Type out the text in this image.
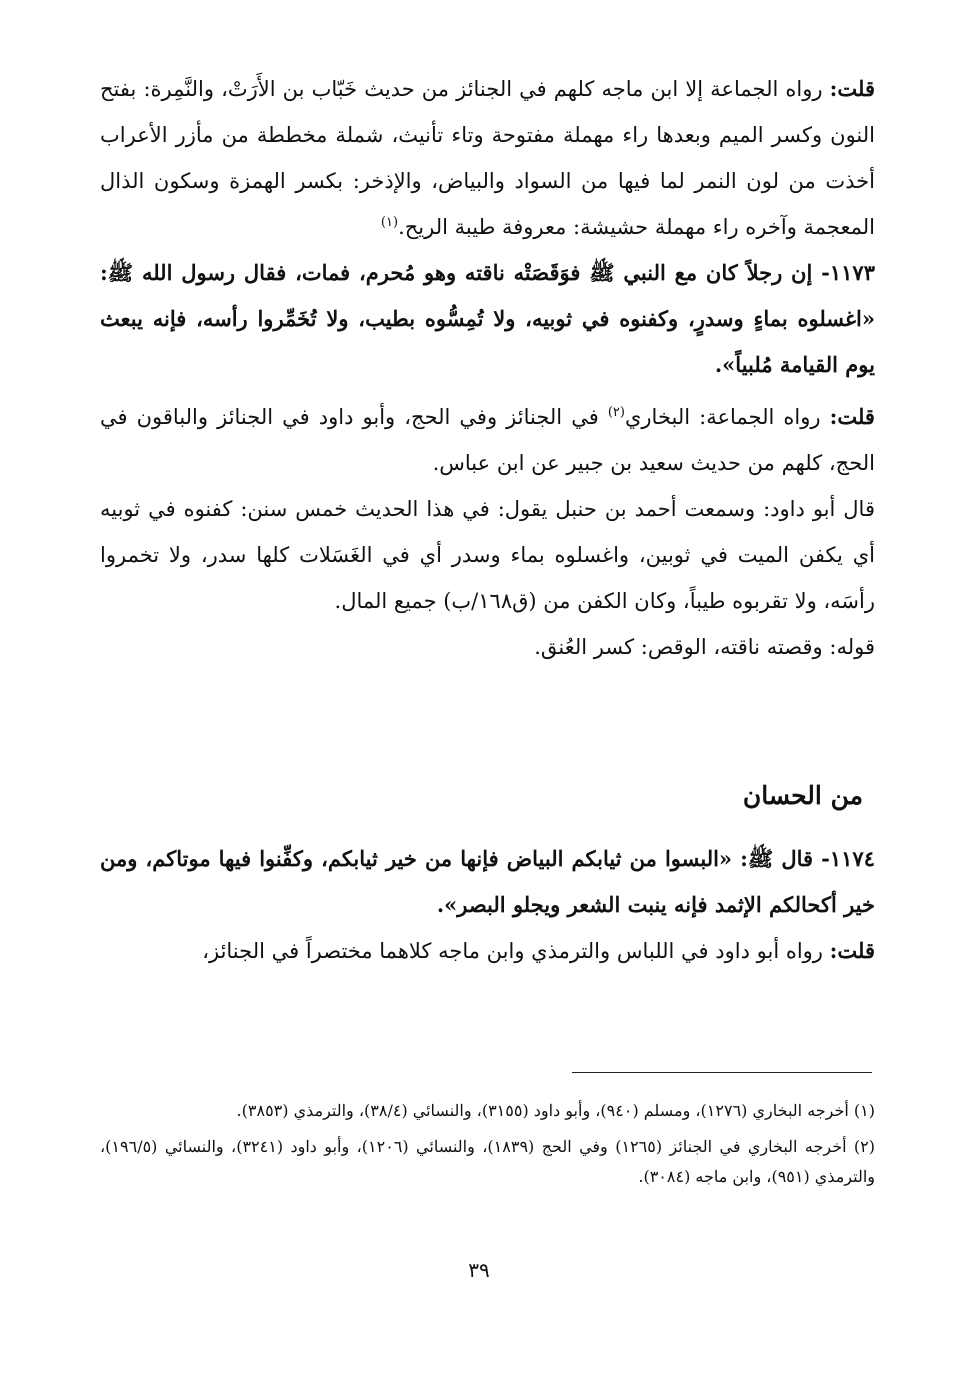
قلت: رواه الجماعة إلا ابن ماجه كلهم في الجنائز من حديث خَبّاب بن الأَرَتْ، والنَّمِرة: بفتح النون وكسر الميم وبعدها راء مهملة مفتوحة وتاء تأنيث، شملة مخططة من مأزر الأعراب أخذت من لون النمر لما فيها من السواد والبياض، والإذخر: بكسر الهمزة وسكون الذال المعجمة وآخره راء مهملة حشيشة: معروفة طيبة الريح.$^{(١)}$

١١٧٣- إن رجلاً كان مع النبي ﷺ فوَقَصَتْه ناقته وهو مُحرم، فمات، فقال رسول الله ﷺ: «اغسلوه بماءٍ وسدرٍ، وكفنوه في ثوبيه، ولا تُمِسُّوه بطيب، ولا تُخَمِّروا رأسه، فإنه يبعث يوم القيامة مُلبياً».

قلت: رواه الجماعة: البخاري$^{(٢)}$ في الجنائز وفي الحج، وأبو داود في الجنائز والباقون في الحج، كلهم من حديث سعيد بن جبير عن ابن عباس.

قال أبو داود: وسمعت أحمد بن حنبل يقول: في هذا الحديث خمس سنن: كفنوه في ثوبيه أي يكفن الميت في ثوبين، واغسلوه بماء وسدر أي في الغَسَلات كلها سدر، ولا تخمروا رأسَه، ولا تقربوه طيباً، وكان الكفن من (ق١٦٨/ب) جميع المال.

قوله: وقصته ناقته، الوقص: كسر العُنق.

من الحسان

١١٧٤- قال ﷺ: «البسوا من ثيابكم البياض فإنها من خير ثيابكم، وكفِّنوا فيها موتاكم، ومن خير أكحالكم الإثمد فإنه ينبت الشعر ويجلو البصر».

قلت: رواه أبو داود في اللباس والترمذي وابن ماجه كلاهما مختصراً في الجنائز،

(١) أخرجه البخاري (١٢٧٦)، ومسلم (٩٤٠)، وأبو داود (٣١٥٥)، والنسائي (٣٨/٤)، والترمذي (٣٨٥٣).

(٢) أخرجه البخاري في الجنائز (١٢٦٥) وفي الحج (١٨٣٩)، والنسائي (١٢٠٦)، وأبو داود (٣٢٤١)، والنسائي (١٩٦/٥)، والترمذي (٩٥١)، وابن ماجه (٣٠٨٤).

٣٩
